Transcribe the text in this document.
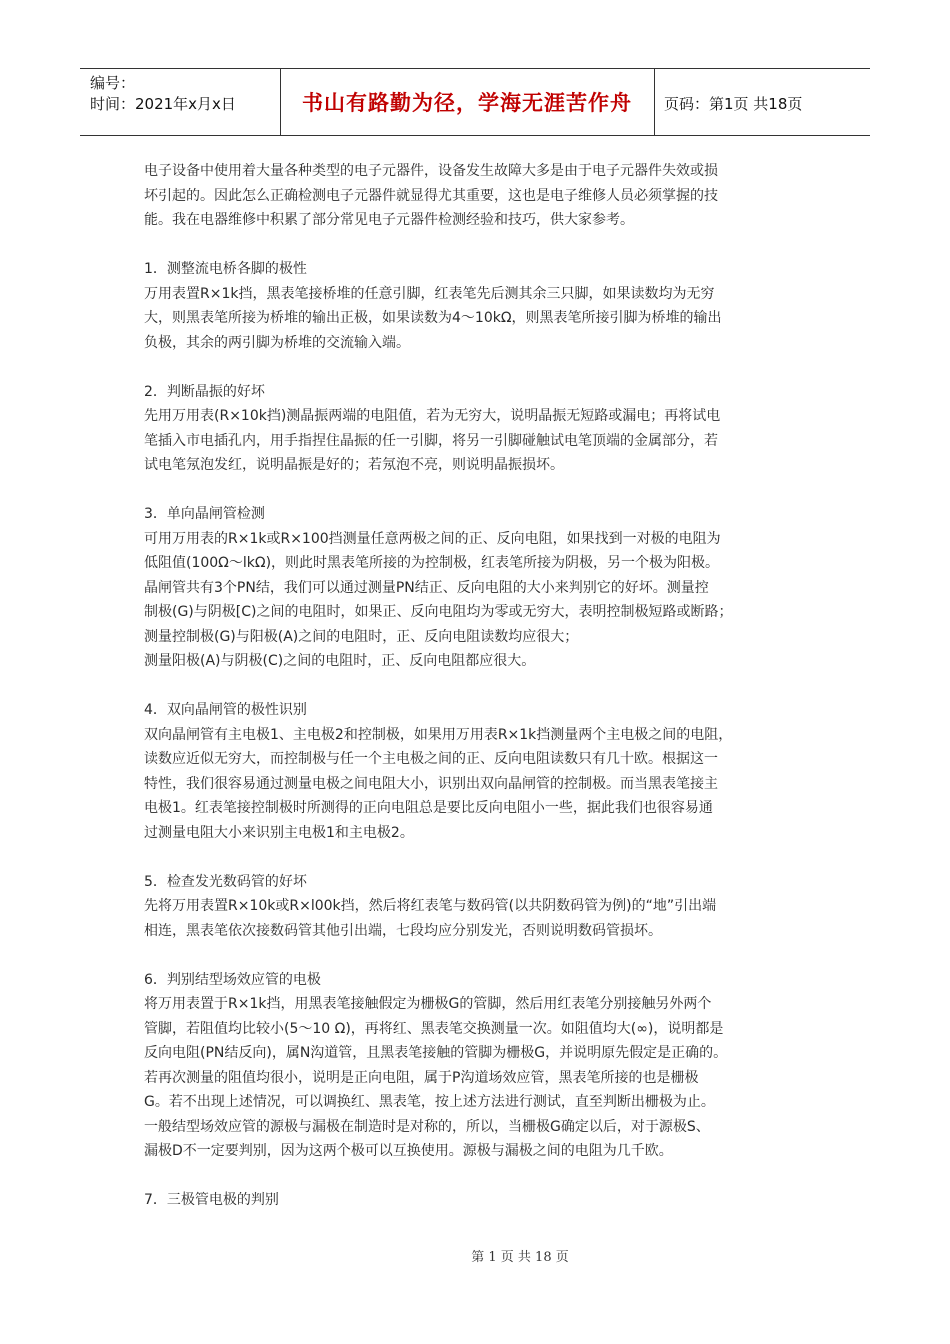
编号：
时间：2021年x月x日	书山有路勤为径，学海无涯苦作舟	页码：第1页 共18页

电子设备中使用着大量各种类型的电子元器件，设备发生故障大多是由于电子元器件失效或损

坏引起的。因此怎么正确检测电子元器件就显得尤其重要，这也是电子维修人员必须掌握的技

能。我在电器维修中积累了部分常见电子元器件检测经验和技巧，供大家参考。

1．测整流电桥各脚的极性

万用表置R×1k挡，黑表笔接桥堆的任意引脚，红表笔先后测其余三只脚，如果读数均为无穷

大，则黑表笔所接为桥堆的输出正极，如果读数为4～10kΩ，则黑表笔所接引脚为桥堆的输出

负极，其余的两引脚为桥堆的交流输入端。

2．判断晶振的好坏

先用万用表(R×10k挡)测晶振两端的电阻值，若为无穷大，说明晶振无短路或漏电；再将试电

笔插入市电插孔内，用手指捏住晶振的任一引脚，将另一引脚碰触试电笔顶端的金属部分，若

试电笔氖泡发红，说明晶振是好的；若氖泡不亮，则说明晶振损坏。

3．单向晶闸管检测

可用万用表的R×1k或R×100挡测量任意两极之间的正、反向电阻，如果找到一对极的电阻为

低阻值(100Ω～lkΩ)，则此时黑表笔所接的为控制极，红表笔所接为阴极，另一个极为阳极。

晶闸管共有3个PN结，我们可以通过测量PN结正、反向电阻的大小来判别它的好坏。测量控

制极(G)与阴极[C)之间的电阻时，如果正、反向电阻均为零或无穷大，表明控制极短路或断路；

测量控制极(G)与阳极(A)之间的电阻时，正、反向电阻读数均应很大；

测量阳极(A)与阴极(C)之间的电阻时，正、反向电阻都应很大。

4．双向晶闸管的极性识别

双向晶闸管有主电极1、主电极2和控制极，如果用万用表R×1k挡测量两个主电极之间的电阻，

读数应近似无穷大，而控制极与任一个主电极之间的正、反向电阻读数只有几十欧。根据这一

特性，我们很容易通过测量电极之间电阻大小，识别出双向晶闸管的控制极。而当黑表笔接主

电极1。红表笔接控制极时所测得的正向电阻总是要比反向电阻小一些，据此我们也很容易通

过测量电阻大小来识别主电极1和主电极2。

5．检查发光数码管的好坏

先将万用表置R×10k或R×l00k挡，然后将红表笔与数码管(以共阴数码管为例)的“地”引出端

相连，黑表笔依次接数码管其他引出端，七段均应分别发光，否则说明数码管损坏。

6．判别结型场效应管的电极

将万用表置于R×1k挡，用黑表笔接触假定为栅极G的管脚，然后用红表笔分别接触另外两个

管脚，若阻值均比较小(5～10 Ω)，再将红、黑表笔交换测量一次。如阻值均大(∞)，说明都是

反向电阻(PN结反向)，属N沟道管，且黑表笔接触的管脚为栅极G，并说明原先假定是正确的。

若再次测量的阻值均很小，说明是正向电阻，属于P沟道场效应管，黑表笔所接的也是栅极

G。若不出现上述情况，可以调换红、黑表笔，按上述方法进行测试，直至判断出栅极为止。

一般结型场效应管的源极与漏极在制造时是对称的，所以，当栅极G确定以后，对于源极S、

漏极D不一定要判别，因为这两个极可以互换使用。源极与漏极之间的电阻为几千欧。

7．三极管电极的判别

第 1 页 共 18 页
